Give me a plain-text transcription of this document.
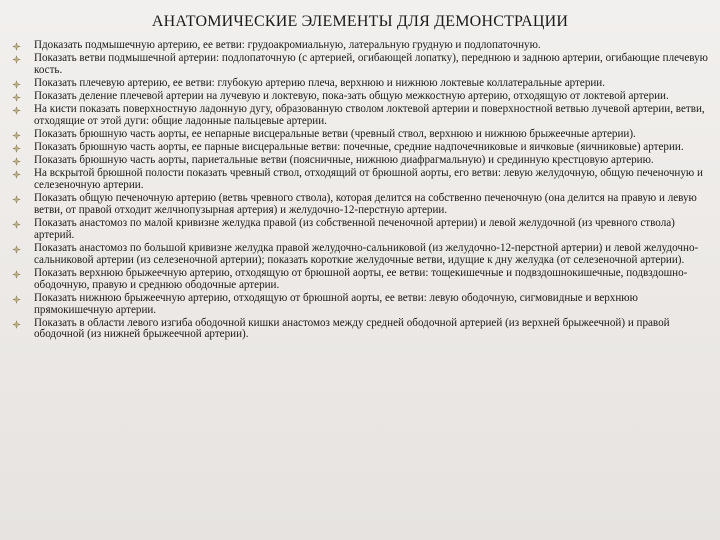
АНАТОМИЧЕСКИЕ ЭЛЕМЕНТЫ ДЛЯ ДЕМОНСТРАЦИИ
Пдоказать подмышечную артерию, ее ветви: грудоакромиальную, латеральную грудную и подлопаточную.
Показать ветви подмышечной артерии: подлопаточную (с артерией, огибающей лопатку), переднюю и заднюю артерии, огибающие плечевую кость.
Показать плечевую артерию, ее ветви: глубокую артерию плеча, верхнюю и нижнюю локтевые коллатеральные артерии.
Показать деление плечевой артерии на лучевую и локтевую, пока-зать общую межкостную артерию, отходящую от локтевой артерии.
На кисти показать поверхностную ладонную дугу, образованную стволом локтевой артерии и поверхностной ветвью лучевой артерии, ветви, отходящие от этой дуги: общие ладонные пальцевые артерии.
Показать брюшную часть аорты, ее непарные висцеральные ветви (чревный ствол, верхнюю и нижнюю брыжеечные артерии).
Показать брюшную часть аорты, ее парные висцеральные ветви: почечные, средние надпочечниковые и яичковые (яичниковые) артерии.
Показать брюшную часть аорты, париетальные ветви (поясничные, нижнюю диафрагмальную) и срединную крестцовую артерию.
На вскрытой брюшной полости показать чревный ствол, отходящий от брюшной аорты, его ветви: левую желудочную, общую печеночную и селезеночную артерии.
Показать общую печеночную артерию (ветвь чревного ствола), которая делится на собственно печеночную (она делится на правую и левую ветви, от правой отходит желчнопузырная артерия) и желудочно-12-перстную артерии.
Показать анастомоз по малой кривизне желудка правой (из собственной печеночной артерии) и левой желудочной (из чревного ствола) артерий.
Показать анастомоз по большой кривизне желудка правой желудочно-сальниковой (из желудочно-12-перстной артерии) и левой желудочно-сальниковой артерии (из селезеночной артерии); показать короткие желудочные ветви, идущие к дну желудка (от селезеночной артерии).
Показать верхнюю брыжеечную артерию, отходящую от брюшной аорты, ее ветви: тощекишечные и подвздошнокишечные, подвздошно-ободочную, правую и среднюю ободочные артерии.
Показать нижнюю брыжеечную артерию, отходящую от брюшной аорты, ее ветви: левую ободочную, сигмовидные и верхнюю прямокишечную артерии.
Показать в области левого изгиба ободочной кишки анастомоз между средней ободочной артерией (из верхней брыжеечной) и правой ободочной (из нижней брыжеечной артерии).
